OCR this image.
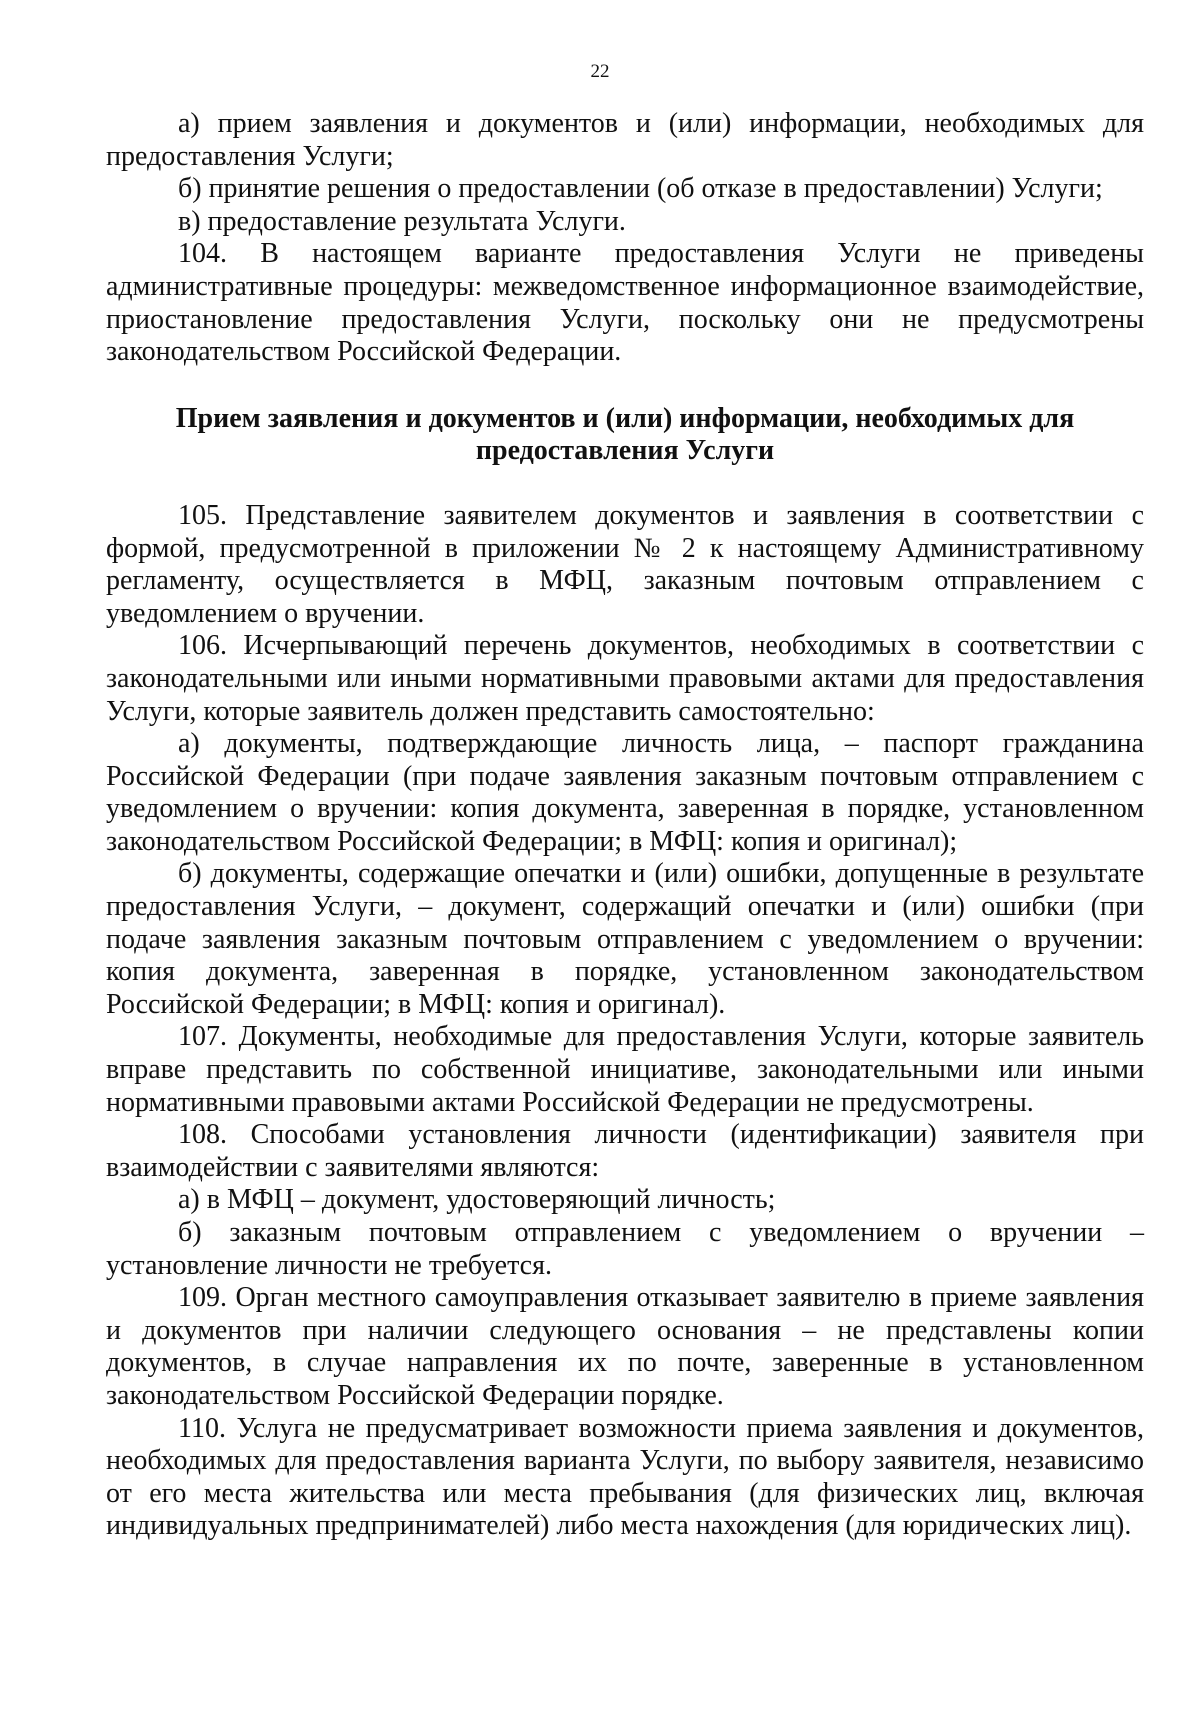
22

а) прием заявления и документов и (или) информации, необходимых для предоставления Услуги;

б) принятие решения о предоставлении (об отказе в предоставлении) Услуги;

в) предоставление результата Услуги.

104. В настоящем варианте предоставления Услуги не приведены административные процедуры: межведомственное информационное взаимодействие, приостановление предоставления Услуги, поскольку они не предусмотрены законодательством Российской Федерации.

Прием заявления и документов и (или) информации, необходимых для
предоставления Услуги

105. Представление заявителем документов и заявления в соответствии с формой, предусмотренной в приложении № 2 к настоящему Административному регламенту, осуществляется в МФЦ, заказным почтовым отправлением с уведомлением о вручении.

106. Исчерпывающий перечень документов, необходимых в соответствии с законодательными или иными нормативными правовыми актами для предоставления Услуги, которые заявитель должен представить самостоятельно:

а) документы, подтверждающие личность лица, – паспорт гражданина Российской Федерации (при подаче заявления заказным почтовым отправлением с уведомлением о вручении: копия документа, заверенная в порядке, установленном законодательством Российской Федерации; в МФЦ: копия и оригинал);

б) документы, содержащие опечатки и (или) ошибки, допущенные в результате предоставления Услуги, – документ, содержащий опечатки и (или) ошибки (при подаче заявления заказным почтовым отправлением с уведомлением о вручении: копия документа, заверенная в порядке, установленном законодательством Российской Федерации; в МФЦ: копия и оригинал).

107. Документы, необходимые для предоставления Услуги, которые заявитель вправе представить по собственной инициативе, законодательными или иными нормативными правовыми актами Российской Федерации не предусмотрены.

108. Способами установления личности (идентификации) заявителя при взаимодействии с заявителями являются:

а) в МФЦ – документ, удостоверяющий личность;

б) заказным почтовым отправлением с уведомлением о вручении – установление личности не требуется.

109. Орган местного самоуправления отказывает заявителю в приеме заявления и документов при наличии следующего основания – не представлены копии документов, в случае направления их по почте, заверенные в установленном законодательством Российской Федерации порядке.

110. Услуга не предусматривает возможности приема заявления и документов, необходимых для предоставления варианта Услуги, по выбору заявителя, независимо от его места жительства или места пребывания (для физических лиц, включая индивидуальных предпринимателей) либо места нахождения (для юридических лиц).
